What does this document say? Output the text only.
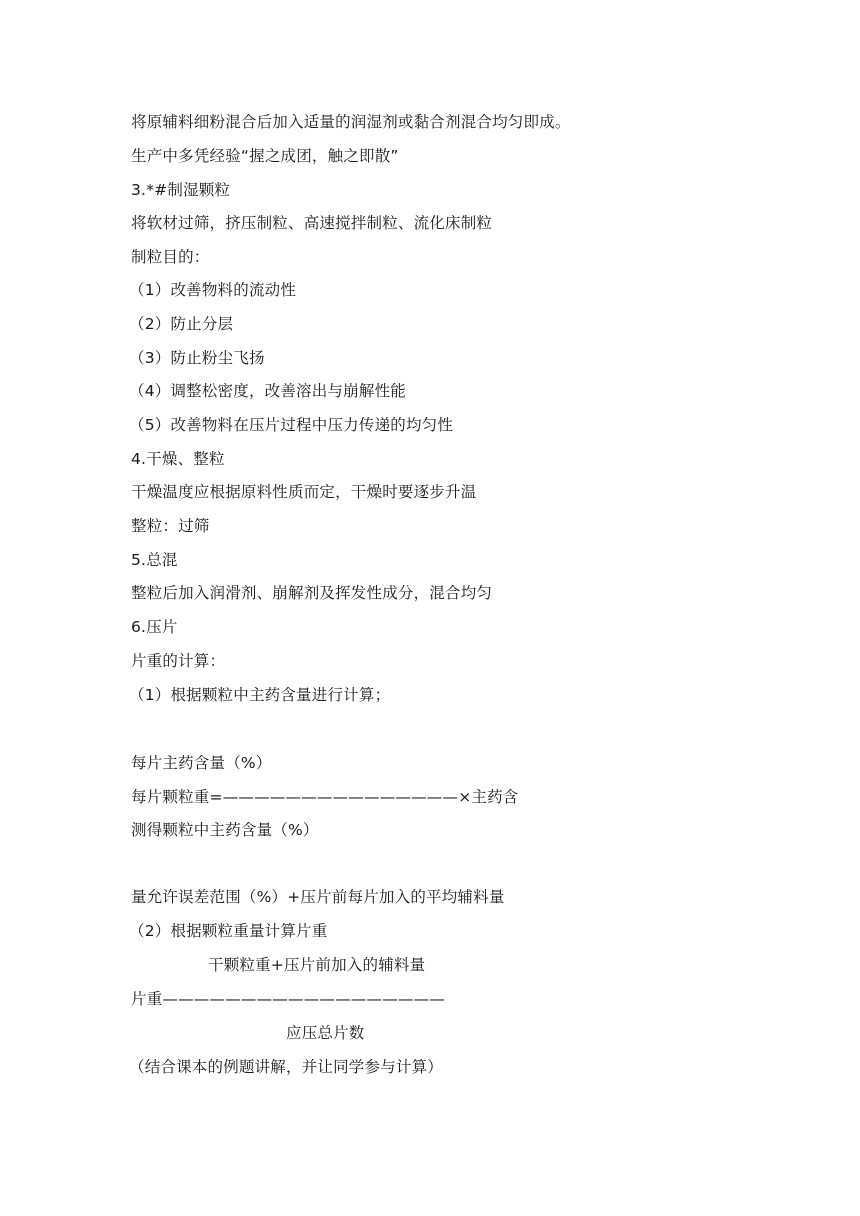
将原辅料细粉混合后加入适量的润湿剂或黏合剂混合均匀即成。
生产中多凭经验“握之成团，触之即散”
3.*#制湿颗粒
将软材过筛，挤压制粒、高速搅拌制粒、流化床制粒
制粒目的：
（1）改善物料的流动性
（2）防止分层
（3）防止粉尘飞扬
（4）调整松密度，改善溶出与崩解性能
（5）改善物料在压片过程中压力传递的均匀性
4.干燥、整粒
干燥温度应根据原料性质而定，干燥时要逐步升温
整粒：过筛
5.总混
整粒后加入润滑剂、崩解剂及挥发性成分，混合均匀
6.压片
片重的计算：
（1）根据颗粒中主药含量进行计算；
每片主药含量（%）
每片颗粒重=———————————————×主药含
测得颗粒中主药含量（%）
量允许误差范围（%）+压片前每片加入的平均辅料量
（2）根据颗粒重量计算片重
干颗粒重+压片前加入的辅料量
片重——————————————————
应压总片数
（结合课本的例题讲解，并让同学参与计算）
